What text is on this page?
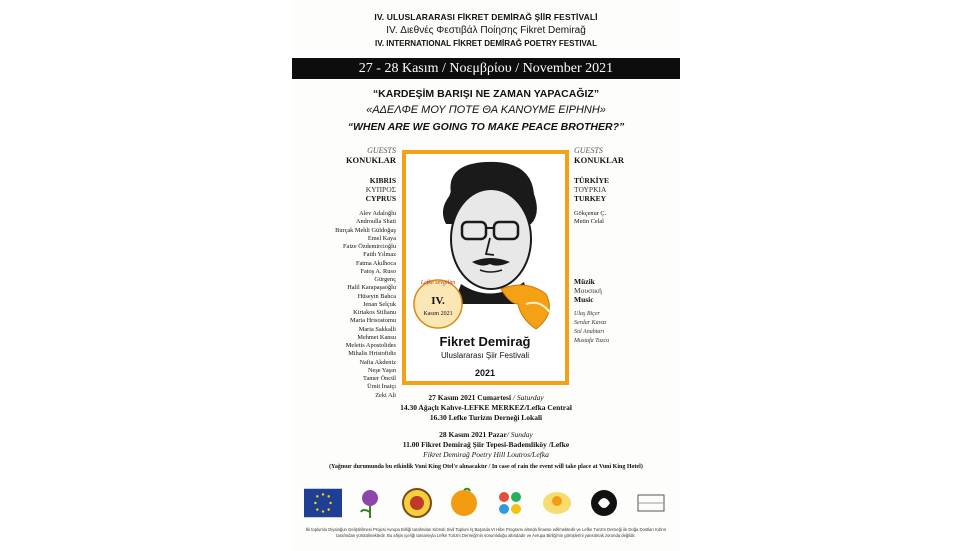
IV. ULUSLARARASI FİKRET DEMİRAĞ ŞİİR FESTİVALİ
IV. Διεθνές Φεστιβάλ Ποίησης Fikret Demirağ
IV. INTERNATIONAL FİKRET DEMİRAĞ POETRY FESTIVAL
27 - 28 Kasım / Νοεμβρίου / November 2021
“KARDEŞİM BARIŞI NE ZAMAN YAPACAĞIZ”
«ΑΔΕΛΦΕ ΜΟΥ ΠΟΤΕ ΘΑ ΚΑΝΟΥΜΕ ΕΙΡΗΝΗ»
“WHEN ARE WE GOING TO MAKE PEACE BROTHER?”
GUESTS
KONUKLAR
KIBRIS
ΚΥΠΡΟΣ
CYPRUS
Alev Adaloğlu
Androulla Shati
Burçak Mehli Güldoğuş
Emel Kaya
Faize Özdemircioğlu
Fatih Yılmaz
Fatma Akılhoca
Fatoş A. Ruso
Gürgenç
Halil Karapaşaoğlu
Hüseyin Bahca
Jenan Selçuk
Kiriakos Stilianu
Maria Hrisostomu
Maria Sakkalli
Mehmet Kansu
Meletis Apostolides
Mihalis Hristofidis
Nafia Akdeniz
Neşe Yaşın
Tamer Öncül
Ümit İnatçı
Zeki Ali
Lefke sevgilim
IV.
Kasım 2021
Fikret Demirağ
Uluslararası Şiir Festivali
2021
GUESTS
KONUKLAR
TÜRKİYE
ΤΟΥΡΚΙΑ
TURKEY
Gökçenur Ç.
Metin Celal
Müzik
Μουσική
Music
Ulaş Biçer
Serdar Kavaz
Sol Anahtarı
Mustafa Tuzcu
27 Kasım 2021 Cumartesi / Saturday
14.30 Ağaçlı Kahve-LEFKE MERKEZ/Lefka Central
16.30 Lefke Turizm Derneği Lokali
28 Kasım 2021 Pazar/ Sunday
11.00 Fikret Demirağ Şiir Tepesi-Bademliköy /Lefke
Fikret Demirağ Poetry Hill Loutros/Lefka
(Yağmur durumunda bu etkinlik Vuni King Otel'e alınacaktır / In case of rain the event will take place at Vuni King Hotel)
İki toplumlu Diyaloğun Geliştirilmesi Projesi Avrupa Birliği tarafından Kıbrıslı Sivil Toplum İş Başında VI Hibe Programı altında finanse edilmektedir ve Lefke Turizm Derneği ile Doğa Dostları Kıbrıs tarafından yürütülmektedir. Bu afişin içeriği tamamıyla Lefke Turizm Derneği'nin sorumluluğu altındadır ve Avrupa Birliği'nin görüşlerini yansıtmak zorunda değildir.
